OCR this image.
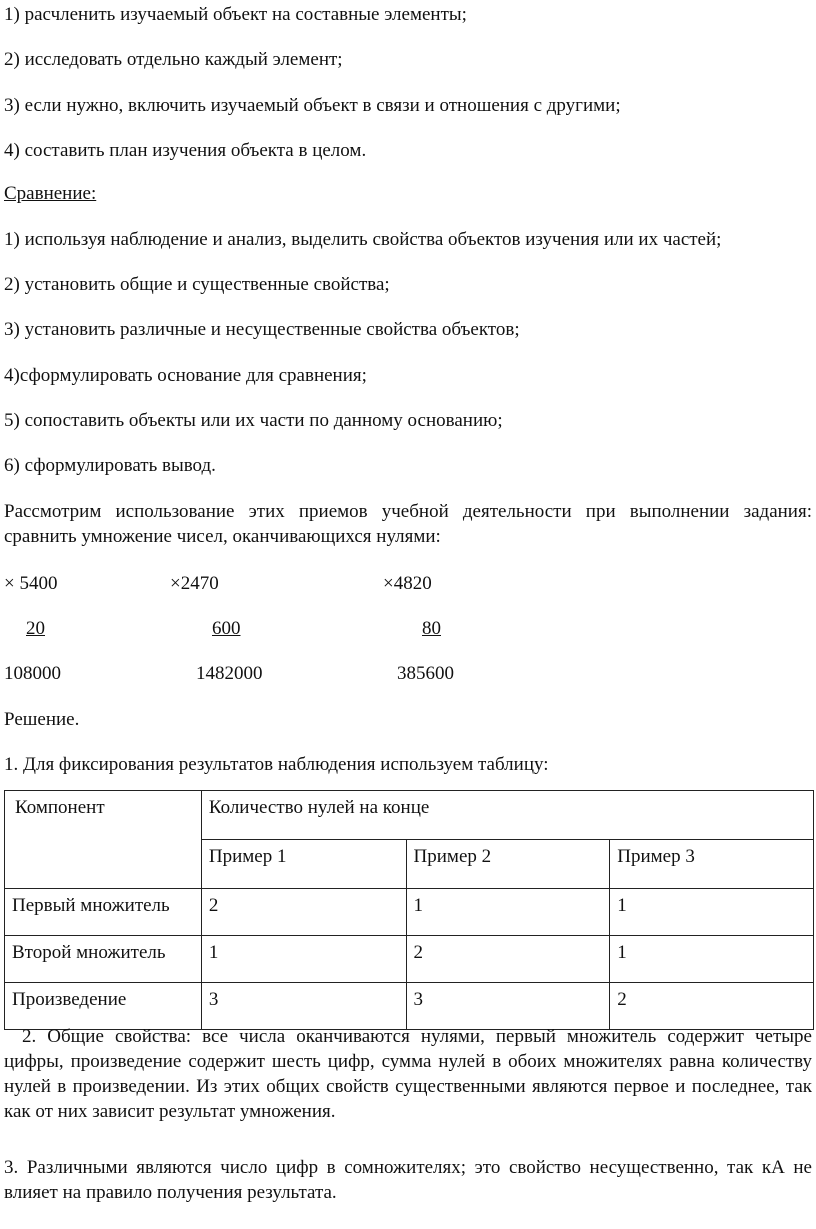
1) расчленить изучаемый объект на составные элементы;
2) исследовать отдельно каждый элемент;
3) если нужно, включить изучаемый объект в связи и отношения с другими;
4) составить план изучения объекта в целом.
Сравнение:
1) используя наблюдение и анализ, выделить свойства объектов изучения или их частей;
2) установить общие и существенные свойства;
3) установить различные и несущественные свойства объектов;
4)сформулировать основание для сравнения;
5) сопоставить объекты или их части по данному основанию;
6) сформулировать вывод.
Рассмотрим использование этих приемов учебной деятельности при выполнении задания: сравнить умножение чисел, оканчивающихся нулями:
× 5400	×2470	×4820
20	600	80
108000	1482000	385600
Решение.
1. Для фиксирования результатов наблюдения используем таблицу:
Компонент	Количество нулей на конце		
	Пример 1	Пример 2	Пример 3
Первый множитель	2	1	1
Второй множитель	1	2	1
Произведение	3	3	2
2. Общие свойства: все числа оканчиваются нулями, первый множитель содержит четыре цифры, произведение содержит шесть цифр, сумма нулей в обоих множителях равна количеству нулей в произведении. Из этих общих свойств существенными являются первое и последнее, так как от них зависит результат умножения.
3. Различными являются число цифр в сомножителях; это свойство несущественно, так кА не влияет на правило получения результата.
